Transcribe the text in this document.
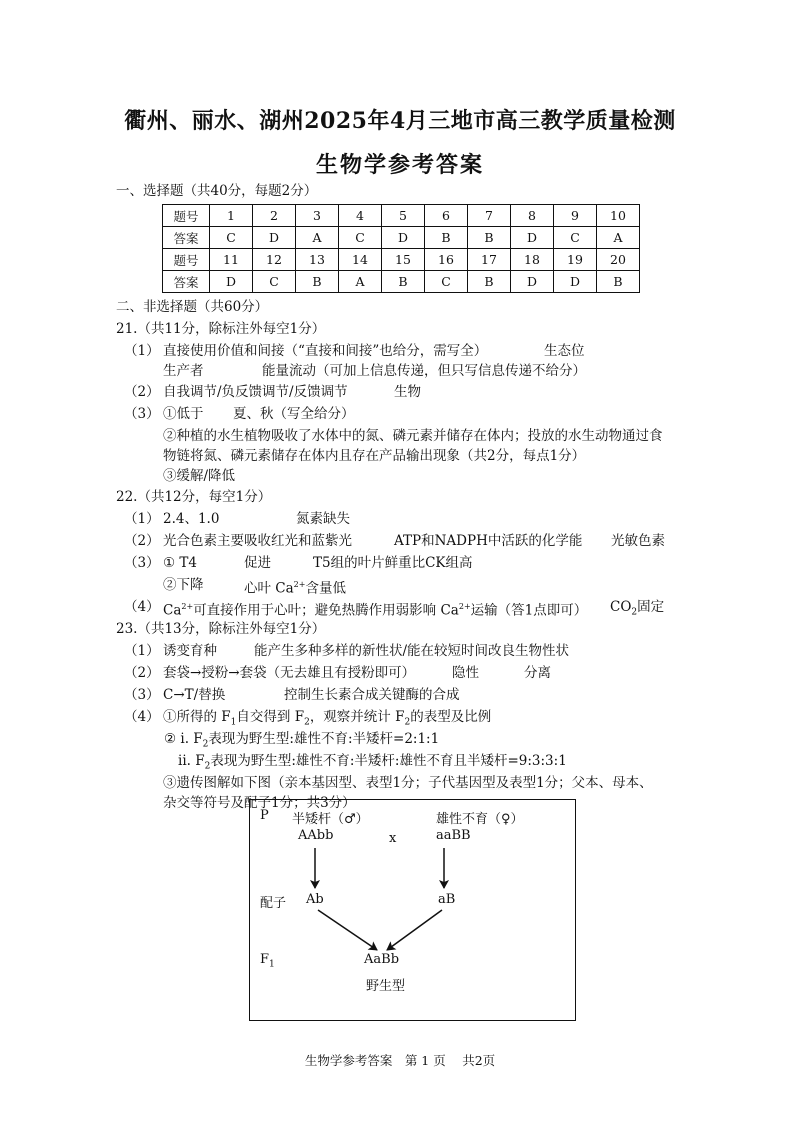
衢州、丽水、湖州2025年4月三地市高三教学质量检测
生物学参考答案
一、选择题（共40分，每题2分）
题号	1	2	3	4	5	6	7	8	9	10
答案	C	D	A	C	D	B	B	D	C	A
题号	11	12	13	14	15	16	17	18	19	20
答案	D	C	B	A	B	C	B	D	D	B
二、非选择题（共60分）
21.（共11分，除标注外每空1分）
（1） 直接使用价值和间接（“直接和间接”也给分，需写全）	生态位
生产者	能量流动（可加上信息传递，但只写信息传递不给分）
（2） 自我调节/负反馈调节/反馈调节	生物
（3） ①低于 夏、秋（写全给分）
②种植的水生植物吸收了水体中的氮、磷元素并储存在体内；投放的水生动物通过食
物链将氮、磷元素储存在体内且存在产品输出现象（共2分，每点1分）
③缓解/降低
22.（共12分，每空1分）
（1） 2.4、1.0	氮素缺失
（2） 光合色素主要吸收红光和蓝紫光	ATP和NADPH中活跃的化学能 光敏色素
（3） ① T4	促进	T5组的叶片鲜重比CK组高
②下降	心叶 $Ca^{2+}$含量低
（4） $Ca^{2+}$可直接作用于心叶；避免热腾作用弱影响 $Ca^{2+}$运输（答1点即可） $CO_2$固定
23.（共13分，除标注外每空1分）
（1） 诱变育种	能产生多种多样的新性状/能在较短时间改良生物性状
（2） 套袋→授粉→套袋（无去雄且有授粉即可）	隐性	分离
（3） C→T/替换	控制生长素合成关键酶的合成
（4） ①所得的 $F_1$自交得到 $F_2$，观察并统计 $F_2$的表型及比例
② i. $F_2$表现为野生型:雄性不育:半矮杆=2:1:1
ii. $F_2$表现为野生型:雄性不育:半矮杆:雄性不育且半矮杆=9:3:3:1
③遗传图解如下图（亲本基因型、表型1分；子代基因型及表型1分；父本、母本、
杂交等符号及配子1分；共3分）
P 半矮杆（♂）	雄性不育（♀）
AAbb	x	aaBB
配子 Ab	aB
$F_1$	AaBb
野生型
生物学参考答案　第 1 页　 共2页
